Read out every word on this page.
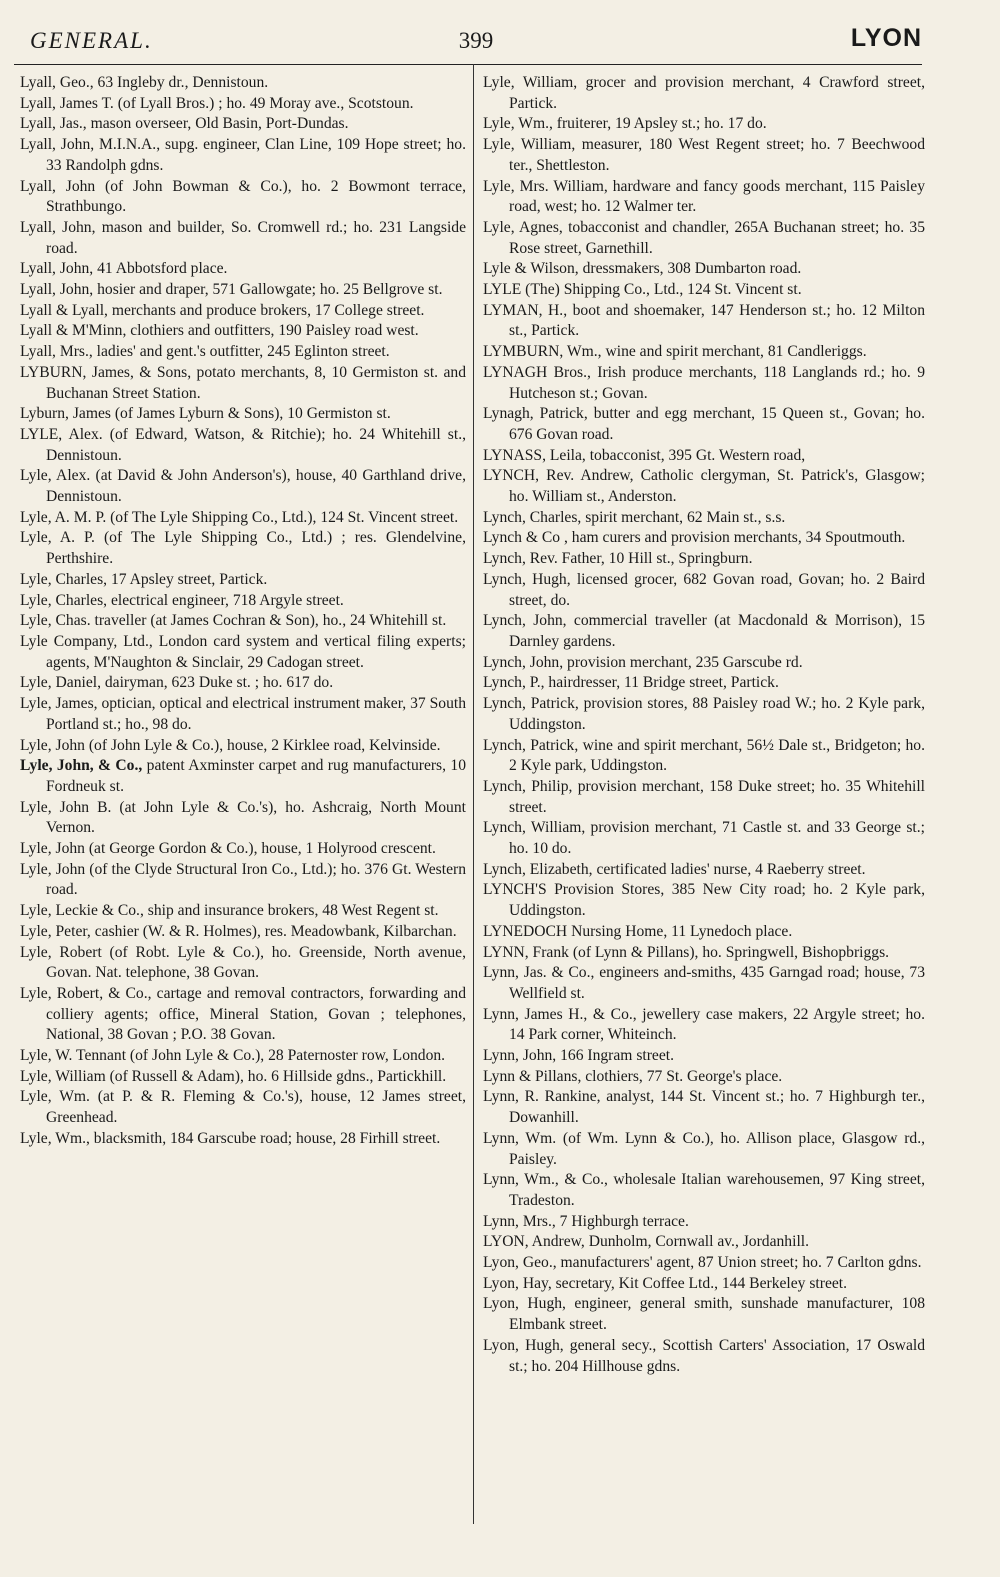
GENERAL.	399	LYON
Lyall, Geo., 63 Ingleby dr., Dennistoun.
Lyall, James T. (of Lyall Bros.) ; ho. 49 Moray ave., Scotstoun.
Lyall, Jas., mason overseer, Old Basin, Port-Dundas.
Lyall, John, M.I.N.A., supg. engineer, Clan Line, 109 Hope street; ho. 33 Randolph gdns.
Lyall, John (of John Bowman & Co.), ho. 2 Bowmont terrace, Strathbungo.
Lyall, John, mason and builder, So. Cromwell rd.; ho. 231 Langside road.
Lyall, John, 41 Abbotsford place.
Lyall, John, hosier and draper, 571 Gallowgate; ho. 25 Bellgrove st.
Lyall & Lyall, merchants and produce brokers, 17 College street.
Lyall & M'Minn, clothiers and outfitters, 190 Paisley road west.
Lyall, Mrs., ladies' and gent.'s outfitter, 245 Eglinton street.
LYBURN, James, & Sons, potato merchants, 8, 10 Germiston st. and Buchanan Street Station.
Lyburn, James (of James Lyburn & Sons), 10 Germiston st.
LYLE, Alex. (of Edward, Watson, & Ritchie); ho. 24 Whitehill st., Dennistoun.
Lyle, Alex. (at David & John Anderson's), house, 40 Garthland drive, Dennistoun.
Lyle, A. M. P. (of The Lyle Shipping Co., Ltd.), 124 St. Vincent street.
Lyle, A. P. (of The Lyle Shipping Co., Ltd.) ; res. Glendelvine, Perthshire.
Lyle, Charles, 17 Apsley street, Partick.
Lyle, Charles, electrical engineer, 718 Argyle street.
Lyle, Chas. traveller (at James Cochran & Son), ho., 24 Whitehill st.
Lyle Company, Ltd., London card system and vertical filing experts; agents, M'Naughton & Sinclair, 29 Cadogan street.
Lyle, Daniel, dairyman, 623 Duke st. ; ho. 617 do.
Lyle, James, optician, optical and electrical instrument maker, 37 South Portland st.; ho., 98 do.
Lyle, John (of John Lyle & Co.), house, 2 Kirklee road, Kelvinside.
Lyle, John, & Co., patent Axminster carpet and rug manufacturers, 10 Fordneuk st.
Lyle, John B. (at John Lyle & Co.'s), ho. Ashcraig, North Mount Vernon.
Lyle, John (at George Gordon & Co.), house, 1 Holyrood crescent.
Lyle, John (of the Clyde Structural Iron Co., Ltd.); ho. 376 Gt. Western road.
Lyle, Leckie & Co., ship and insurance brokers, 48 West Regent st.
Lyle, Peter, cashier (W. & R. Holmes), res. Meadowbank, Kilbarchan.
Lyle, Robert (of Robt. Lyle & Co.), ho. Greenside, North avenue, Govan. Nat. telephone, 38 Govan.
Lyle, Robert, & Co., cartage and removal contractors, forwarding and colliery agents; office, Mineral Station, Govan ; telephones, National, 38 Govan ; P.O. 38 Govan.
Lyle, W. Tennant (of John Lyle & Co.), 28 Paternoster row, London.
Lyle, William (of Russell & Adam), ho. 6 Hillside gdns., Partickhill.
Lyle, Wm. (at P. & R. Fleming & Co.'s), house, 12 James street, Greenhead.
Lyle, Wm., blacksmith, 184 Garscube road; house, 28 Firhill street.
Lyle, William, grocer and provision merchant, 4 Crawford street, Partick.
Lyle, Wm., fruiterer, 19 Apsley st.; ho. 17 do.
Lyle, William, measurer, 180 West Regent street; ho. 7 Beechwood ter., Shettleston.
Lyle, Mrs. William, hardware and fancy goods merchant, 115 Paisley road, west; ho. 12 Walmer ter.
Lyle, Agnes, tobacconist and chandler, 265A Buchanan street; ho. 35 Rose street, Garnethill.
Lyle & Wilson, dressmakers, 308 Dumbarton road.
LYLE (The) Shipping Co., Ltd., 124 St. Vincent st.
LYMAN, H., boot and shoemaker, 147 Henderson st.; ho. 12 Milton st., Partick.
LYMBURN, Wm., wine and spirit merchant, 81 Candleriggs.
LYNAGH Bros., Irish produce merchants, 118 Langlands rd.; ho. 9 Hutcheson st.; Govan.
Lynagh, Patrick, butter and egg merchant, 15 Queen st., Govan; ho. 676 Govan road.
LYNASS, Leila, tobacconist, 395 Gt. Western road,
LYNCH, Rev. Andrew, Catholic clergyman, St. Patrick's, Glasgow; ho. William st., Anderston.
Lynch, Charles, spirit merchant, 62 Main st., s.s.
Lynch & Co , ham curers and provision merchants, 34 Spoutmouth.
Lynch, Rev. Father, 10 Hill st., Springburn.
Lynch, Hugh, licensed grocer, 682 Govan road, Govan; ho. 2 Baird street, do.
Lynch, John, commercial traveller (at Macdonald & Morrison), 15 Darnley gardens.
Lynch, John, provision merchant, 235 Garscube rd.
Lynch, P., hairdresser, 11 Bridge street, Partick.
Lynch, Patrick, provision stores, 88 Paisley road W.; ho. 2 Kyle park, Uddingston.
Lynch, Patrick, wine and spirit merchant, 56½ Dale st., Bridgeton; ho. 2 Kyle park, Uddingston.
Lynch, Philip, provision merchant, 158 Duke street; ho. 35 Whitehill street.
Lynch, William, provision merchant, 71 Castle st. and 33 George st.; ho. 10 do.
Lynch, Elizabeth, certificated ladies' nurse, 4 Raeberry street.
LYNCH'S Provision Stores, 385 New City road; ho. 2 Kyle park, Uddingston.
LYNEDOCH Nursing Home, 11 Lynedoch place.
LYNN, Frank (of Lynn & Pillans), ho. Springwell, Bishopbriggs.
Lynn, Jas. & Co., engineers and-smiths, 435 Garngad road; house, 73 Wellfield st.
Lynn, James H., & Co., jewellery case makers, 22 Argyle street; ho. 14 Park corner, Whiteinch.
Lynn, John, 166 Ingram street.
Lynn & Pillans, clothiers, 77 St. George's place.
Lynn, R. Rankine, analyst, 144 St. Vincent st.; ho. 7 Highburgh ter., Dowanhill.
Lynn, Wm. (of Wm. Lynn & Co.), ho. Allison place, Glasgow rd., Paisley.
Lynn, Wm., & Co., wholesale Italian warehousemen, 97 King street, Tradeston.
Lynn, Mrs., 7 Highburgh terrace.
LYON, Andrew, Dunholm, Cornwall av., Jordanhill.
Lyon, Geo., manufacturers' agent, 87 Union street; ho. 7 Carlton gdns.
Lyon, Hay, secretary, Kit Coffee Ltd., 144 Berkeley street.
Lyon, Hugh, engineer, general smith, sunshade manufacturer, 108 Elmbank street.
Lyon, Hugh, general secy., Scottish Carters' Association, 17 Oswald st.; ho. 204 Hillhouse gdns.
